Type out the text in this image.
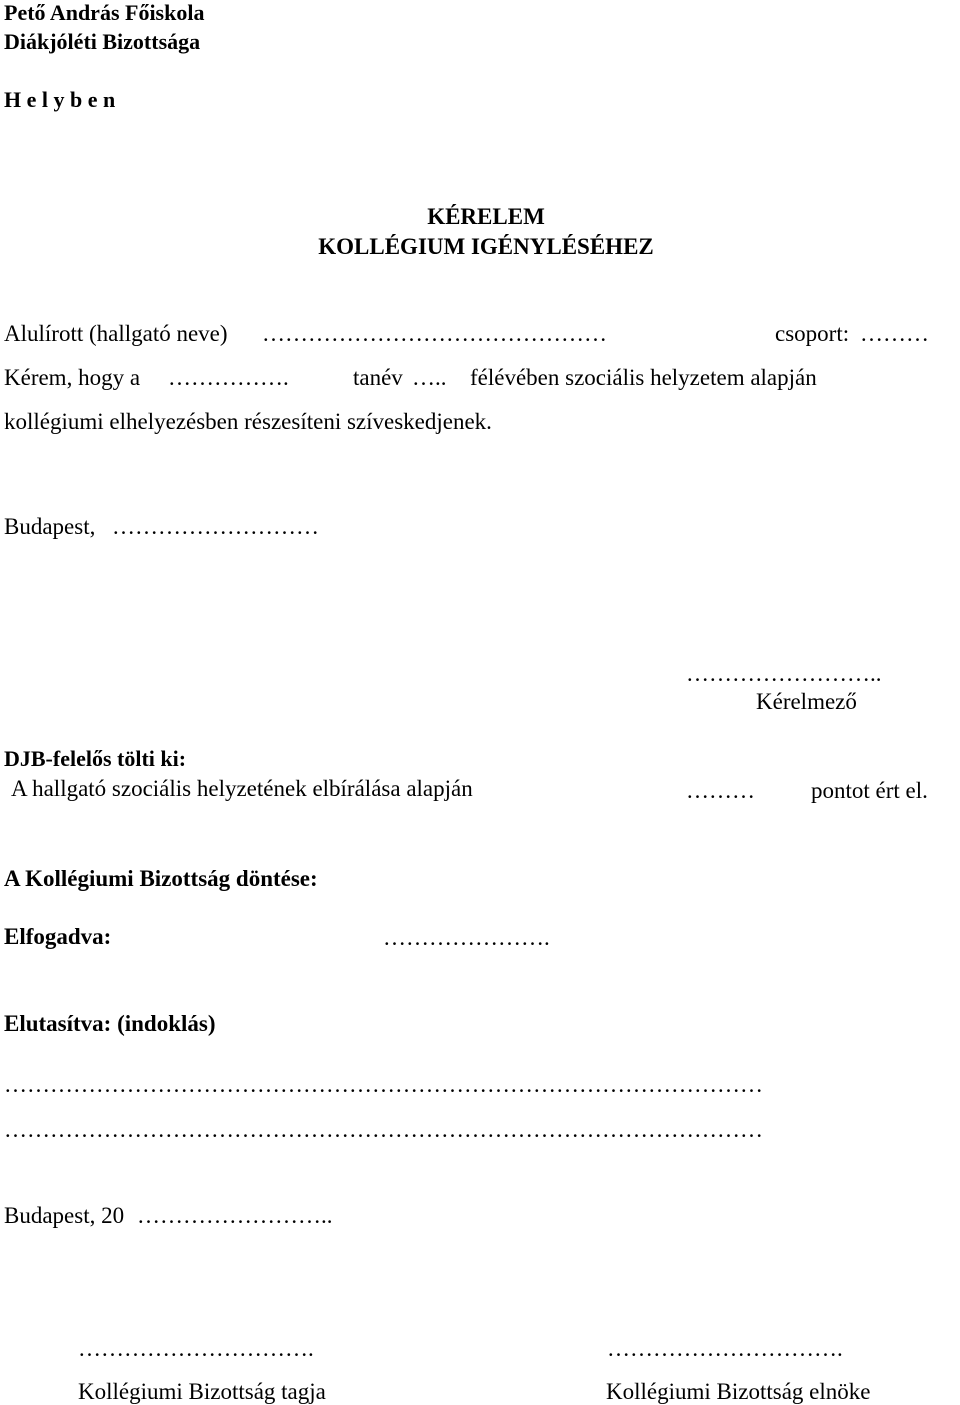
Pető András Főiskola
Diákjóléti Bizottsága
H e l y b e n
KÉRELEM
KOLLÉGIUM IGÉNYLÉSÉHEZ
Alulírott (hallgató neve) ………………………………………	csoport: ………
Kérem, hogy a …………….	tanév ….. félévében szociális helyzetem alapján
kollégiumi elhelyezésben részesíteni szíveskedjenek.
Budapest, ………………………
……………………..
Kérelmező
DJB-felelős tölti ki:
A hallgató szociális helyzetének elbírálása alapján	……… pontot ért el.
A Kollégiumi Bizottság döntése:
Elfogadva:	………………….
Elutasítva: (indoklás)
………………………………………………………………………………………
………………………………………………………………………………………
Budapest, 20 ……………………..
………………………….
Kollégiumi Bizottság tagja
………………………….
Kollégiumi Bizottság elnöke
